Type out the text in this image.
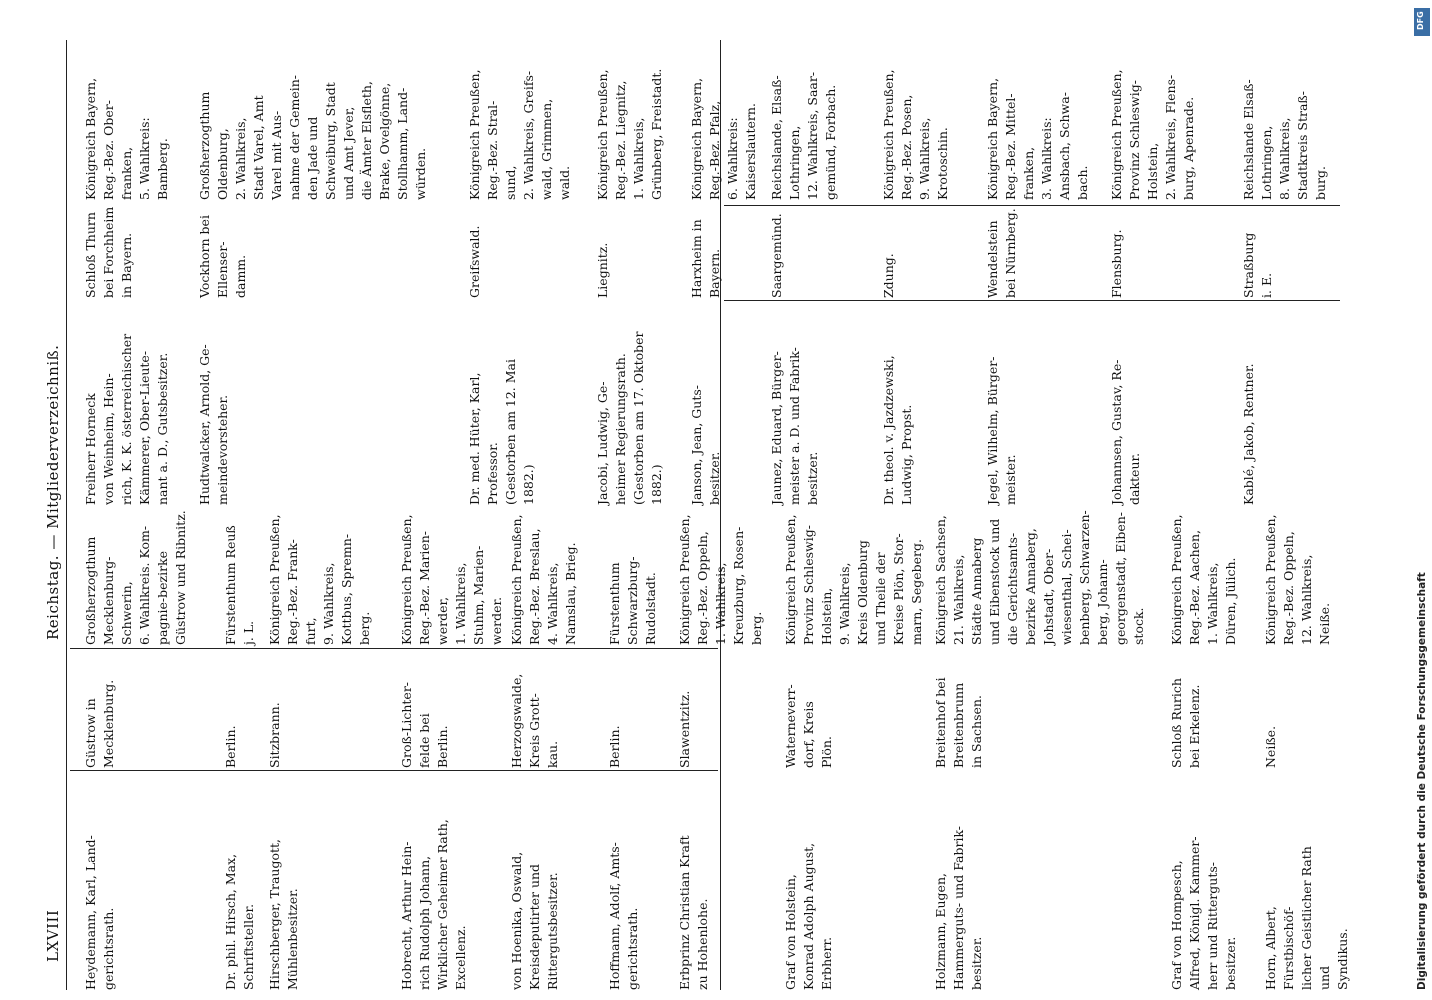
LXVIII
Reichstag. — Mitgliederverzeichniß.
Heydemann, Karl, Land-
gerichtsrath.
Güstrow in
Mecklenburg.
Großherzogthum
Mecklenburg-
Schwerin,
6. Wahlkreis. Kom-
pagnie-bezirke
Güstrow und Ribnitz.
Dr. phil. Hirsch, Max,
Schriftsteller.
Berlin.
Fürstenthum Reuß
j. L.
Hirschberger, Traugott,
Mühlenbesitzer.
Sitzbrann.
Königreich Preußen,
Reg.-Bez. Frank-
furt,
9. Wahlkreis,
Kottbus, Spremn-
berg.
Hobrecht, Arthur Hein-
rich Rudolph Johann,
Wirklicher Geheimer Rath,
Excellenz.
Groß-Lichter-
felde bei
Berlin.
Königreich Preußen,
Reg.-Bez. Marien-
werder,
1. Wahlkreis,
Stuhm, Marien-
werder.
von Hoenika, Oswald,
Kreisdeputirter und
Rittergutsbesitzer.
Herzogswalde,
Kreis Grott-
kau.
Königreich Preußen,
Reg.-Bez. Breslau,
4. Wahlkreis,
Namslau, Brieg.
Hoffmann, Adolf, Amts-
gerichtsrath.
Berlin.
Fürstenthum
Schwarzburg-
Rudolstadt.
Erbprinz Christian Kraft
zu Hohenlohe.
Slawentzitz.
Königreich Preußen,
Reg.-Bez. Oppeln,
1. Wahlkreis,
Kreuzburg, Rosen-
berg.
Graf von Holstein,
Konrad Adolph August,
Erbherr.
Waterneverr-
dorf, Kreis
Plön.
Königreich Preußen,
Provinz Schleswig-
Holstein,
9. Wahlkreis,
Kreis Oldenburg
und Theile der
Kreise Plön, Stor-
marn, Segeberg.
Holzmann, Eugen,
Hammerguts- und Fabrik-
besitzer.
Breitenhof bei
Breitenbrunn
in Sachsen.
Königreich Sachsen,
21. Wahlkreis,
Städte Annaberg
und Eibenstock und
die Gerichtsamts-
bezirke Annaberg,
Johstadt, Ober-
wiesenthal, Schei-
benberg, Schwarzen-
berg, Johann-
georgenstadt, Eiben-
stock.
Graf von Hompesch,
Alfred, Königl. Kammer-
herr und Ritterguts-
besitzer.
Schloß Rurich
bei Erkelenz.
Königreich Preußen,
Reg.-Bez. Aachen,
1. Wahlkreis,
Düren, Jülich.
Horn, Albert, Fürstbischöf-
licher Geistlicher Rath und
Syndikus.
Neiße.
Königreich Preußen,
Reg.-Bez. Oppeln,
12. Wahlkreis,
Neiße.
Freiherr Horneck
von Weinheim, Hein-
rich, K. K. österreichischer
Kämmerer, Ober-Lieute-
nant a. D., Gutsbesitzer.
Schloß Thurn
bei Forchheim
in Bayern.
Königreich Bayern,
Reg.-Bez. Ober-
franken,
5. Wahlkreis:
Bamberg.
Hudtwalcker, Arnold, Ge-
meindevorsteher.
Vockhorn bei
Ellenser-
damm.
Großherzogthum
Oldenburg,
2. Wahlkreis,
Stadt Varel, Amt
Varel mit Aus-
nahme der Gemein-
den Jade und
Schweiburg, Stadt
und Amt Jever,
die Ämter Elsfleth,
Brake, Ovelgönne,
Stollhamm, Land-
würden.
Dr. med. Hüter, Karl,
Professor.
(Gestorben am 12. Mai
1882.)
Greifswald.
Königreich Preußen,
Reg.-Bez. Stral-
sund,
2. Wahlkreis, Greifs-
wald, Grimmen,
wald.
Jacobi, Ludwig, Ge-
heimer Regierungsrath.
(Gestorben am 17. Oktober
1882.)
Liegnitz.
Königreich Preußen,
Reg.-Bez. Liegnitz,
1. Wahlkreis,
Grünberg, Freistadt.
Janson, Jean, Guts-
besitzer.
Harxheim in
Bayern.
Königreich Bayern,
Reg.-Bez. Pfalz,
6. Wahlkreis:
Kaiserslautern.
Jaunez, Eduard, Bürger-
meister a. D. und Fabrik-
besitzer.
Saargemünd.
Reichslande, Elsaß-
Lothringen,
12. Wahlkreis, Saar-
gemünd, Forbach.
Dr. theol. v. Jazdzewski,
Ludwig, Propst.
Zdung.
Königreich Preußen,
Reg.-Bez. Posen,
9. Wahlkreis,
Krotoschin.
Jegel, Wilhelm, Bürger-
meister.
Wendelstein
bei Nürnberg.
Königreich Bayern,
Reg.-Bez. Mittel-
franken,
3. Wahlkreis:
Ansbach, Schwa-
bach.
Johannsen, Gustav, Re-
dakteur.
Flensburg.
Königreich Preußen,
Provinz Schleswig-
Holstein,
2. Wahlkreis, Flens-
burg, Apenrade.
Kablé, Jakob, Rentner.
Straßburg
i. E.
Reichslande Elsaß-
Lothringen,
8. Wahlkreis,
Stadtkreis Straß-
burg.
DFG
Digitalisierung gefördert durch die Deutsche Forschungsgemeinschaft
